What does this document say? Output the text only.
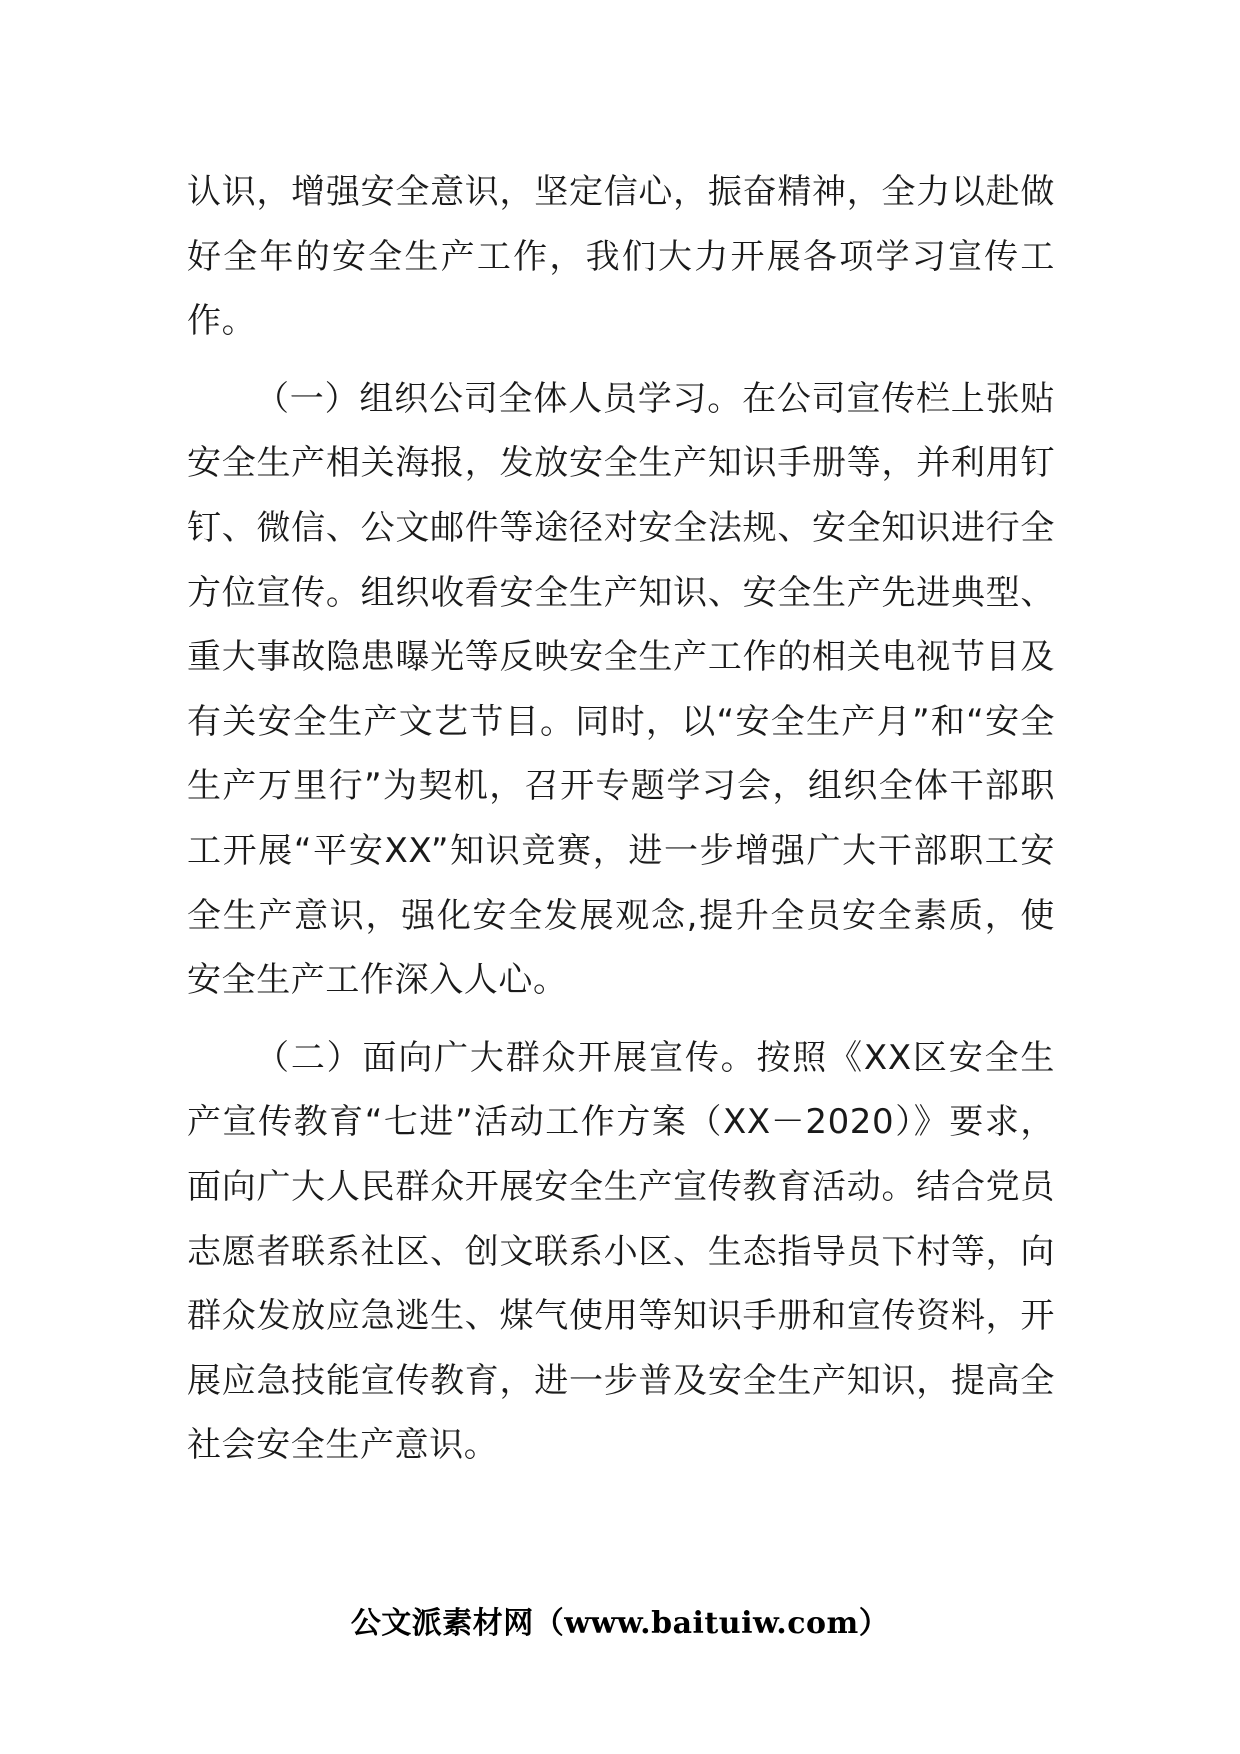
认识，增强安全意识，坚定信心，振奋精神，全力以赴做好全年的安全生产工作，我们大力开展各项学习宣传工作。

（一）组织公司全体人员学习。在公司宣传栏上张贴安全生产相关海报，发放安全生产知识手册等，并利用钉钉、微信、公文邮件等途径对安全法规、安全知识进行全方位宣传。组织收看安全生产知识、安全生产先进典型、重大事故隐患曝光等反映安全生产工作的相关电视节目及有关安全生产文艺节目。同时，以“安全生产月”和“安全生产万里行”为契机，召开专题学习会，组织全体干部职工开展“平安XX”知识竞赛，进一步增强广大干部职工安全生产意识，强化安全发展观念,提升全员安全素质，使安全生产工作深入人心。

（二）面向广大群众开展宣传。按照《XX区安全生产宣传教育“七进”活动工作方案（XX－2020）》要求，面向广大人民群众开展安全生产宣传教育活动。结合党员志愿者联系社区、创文联系小区、生态指导员下村等，向群众发放应急逃生、煤气使用等知识手册和宣传资料，开展应急技能宣传教育，进一步普及安全生产知识，提高全社会安全生产意识。

公文派素材网（www.baituiw.com）
